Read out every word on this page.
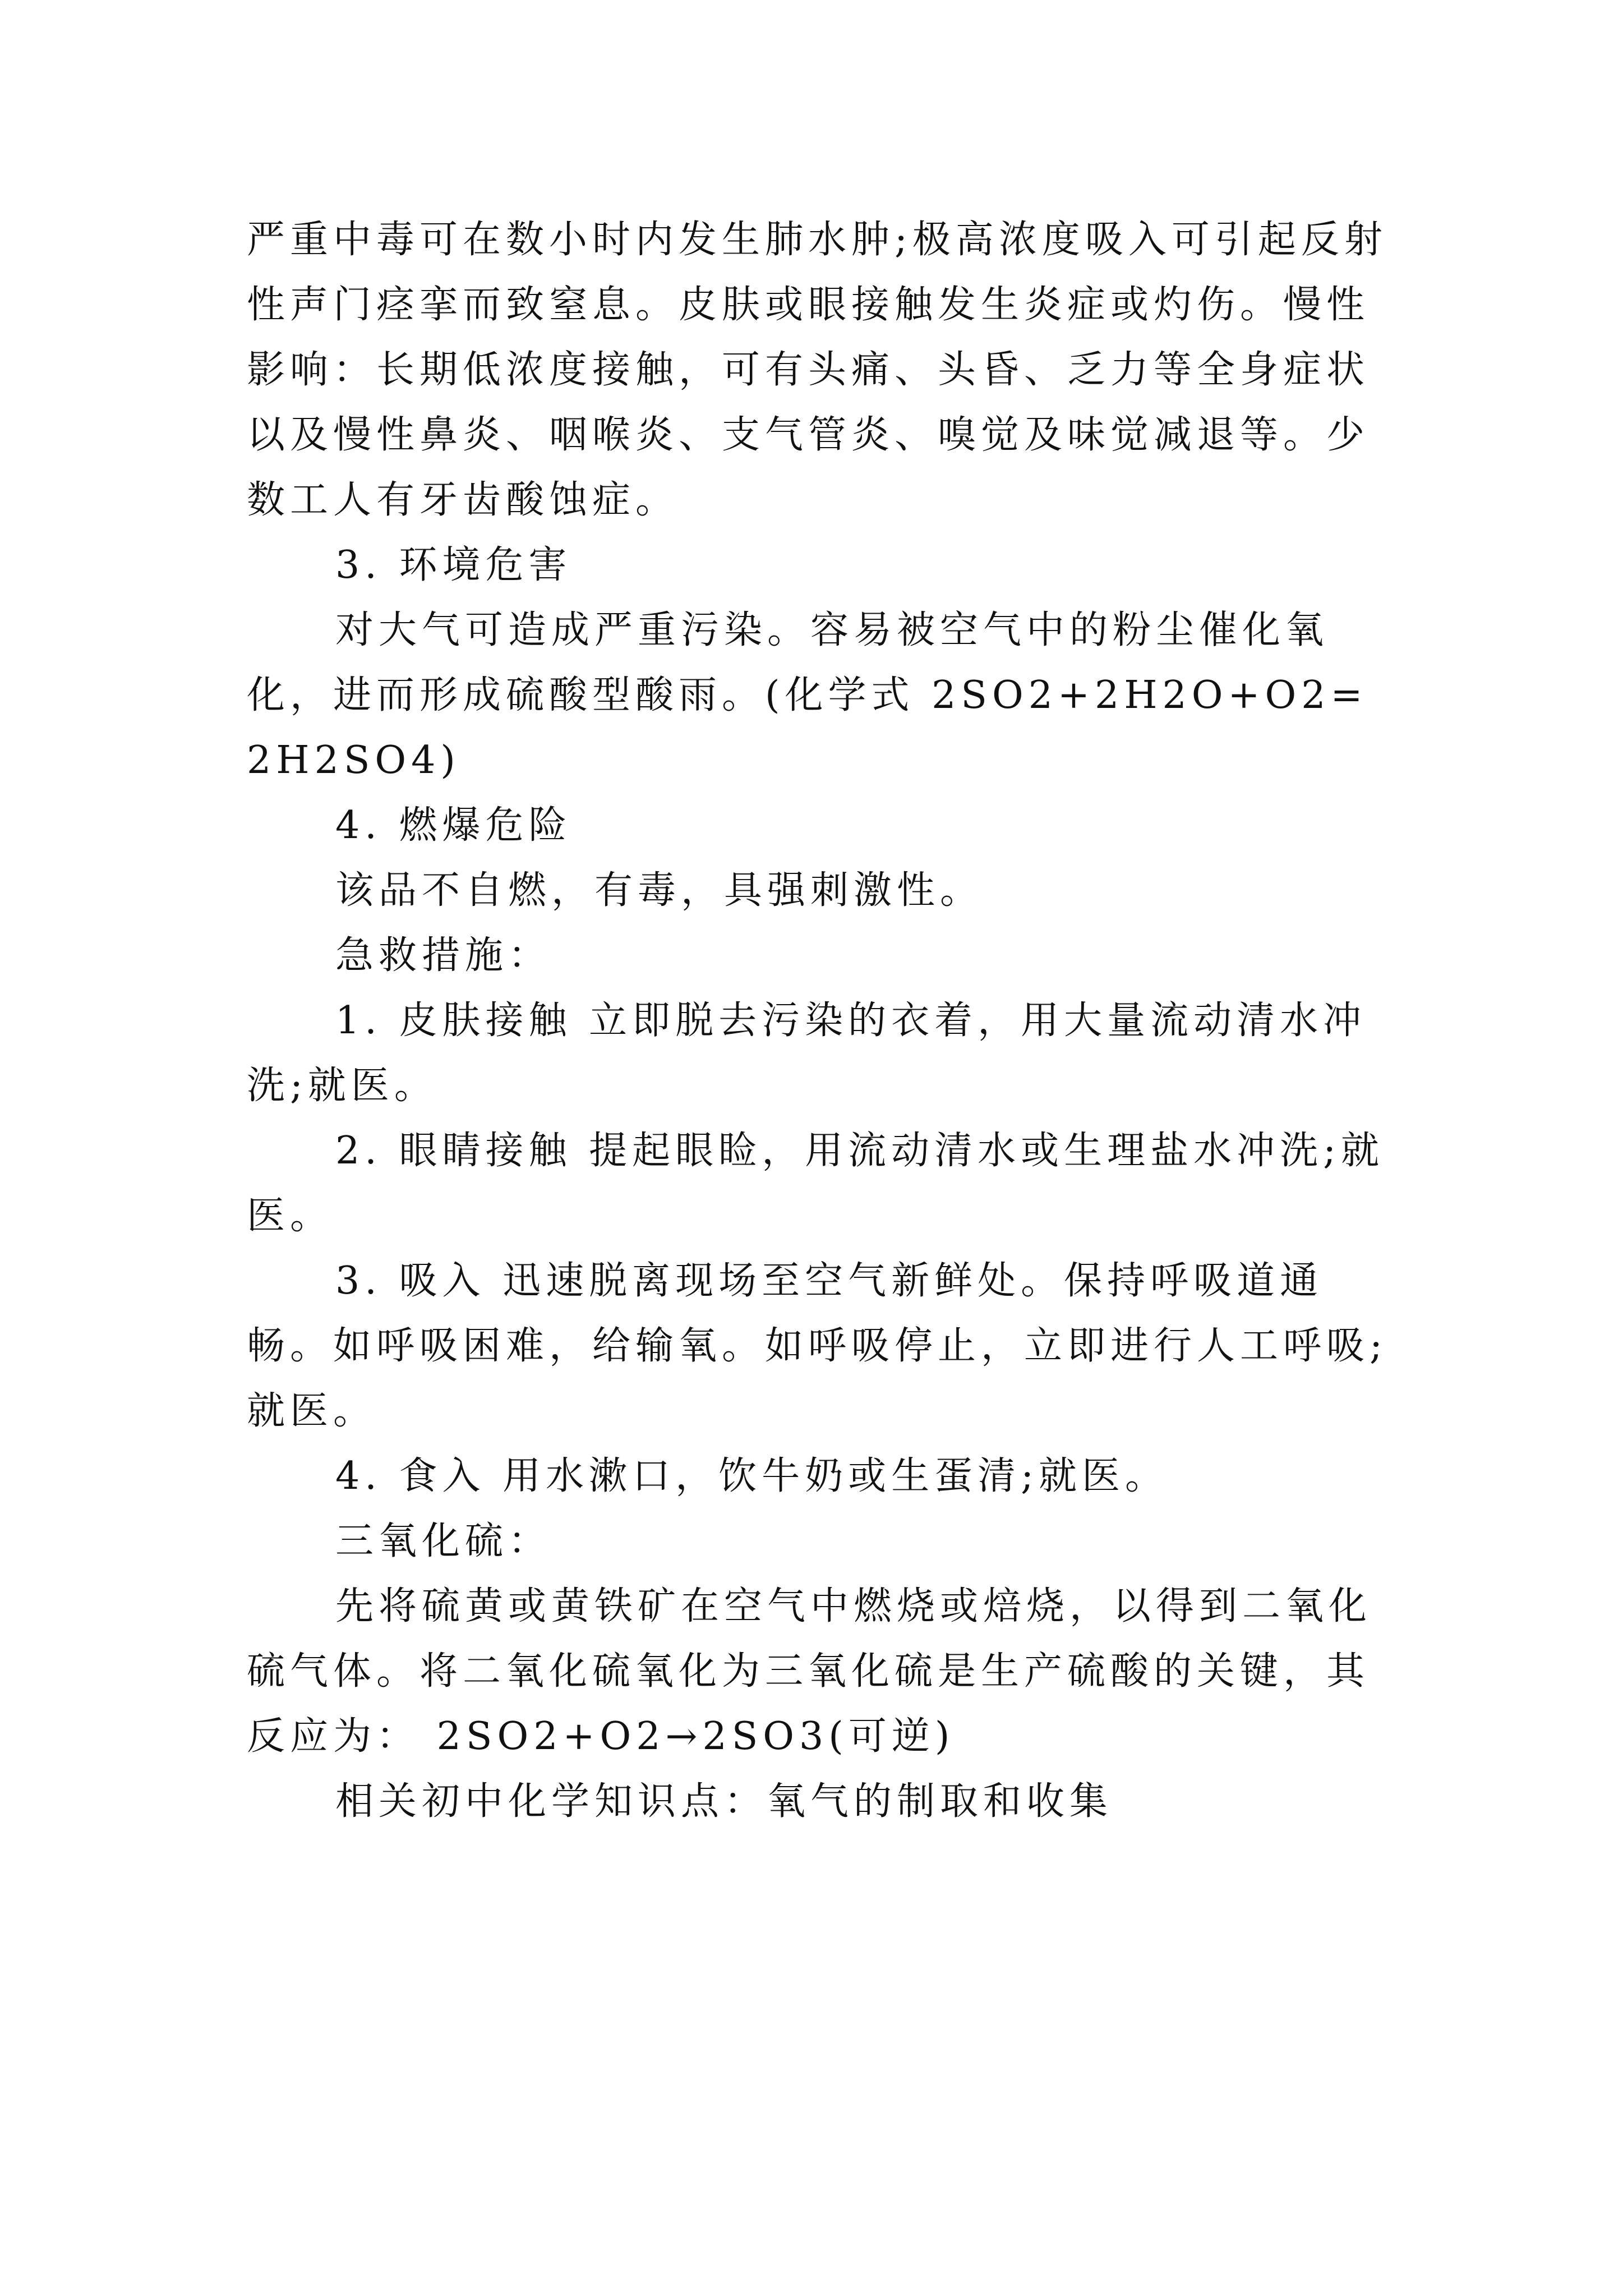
严重中毒可在数小时内发生肺水肿;极高浓度吸入可引起反射性声门痉挛而致窒息。皮肤或眼接触发生炎症或灼伤。慢性影响：长期低浓度接触，可有头痛、头昏、乏力等全身症状以及慢性鼻炎、咽喉炎、支气管炎、嗅觉及味觉减退等。少数工人有牙齿酸蚀症。

3. 环境危害

对大气可造成严重污染。容易被空气中的粉尘催化氧化，进而形成硫酸型酸雨。(化学式 2SO2+2H2O+O2=2H2SO4)

4. 燃爆危险

该品不自燃，有毒，具强刺激性。

急救措施：

1. 皮肤接触 立即脱去污染的衣着，用大量流动清水冲洗;就医。

2. 眼睛接触 提起眼睑，用流动清水或生理盐水冲洗;就医。

3. 吸入 迅速脱离现场至空气新鲜处。保持呼吸道通畅。如呼吸困难，给输氧。如呼吸停止，立即进行人工呼吸;就医。

4. 食入 用水漱口，饮牛奶或生蛋清;就医。

三氧化硫：

先将硫黄或黄铁矿在空气中燃烧或焙烧，以得到二氧化硫气体。将二氧化硫氧化为三氧化硫是生产硫酸的关键，其反应为： 2SO2+O2→2SO3(可逆)

相关初中化学知识点：氧气的制取和收集
